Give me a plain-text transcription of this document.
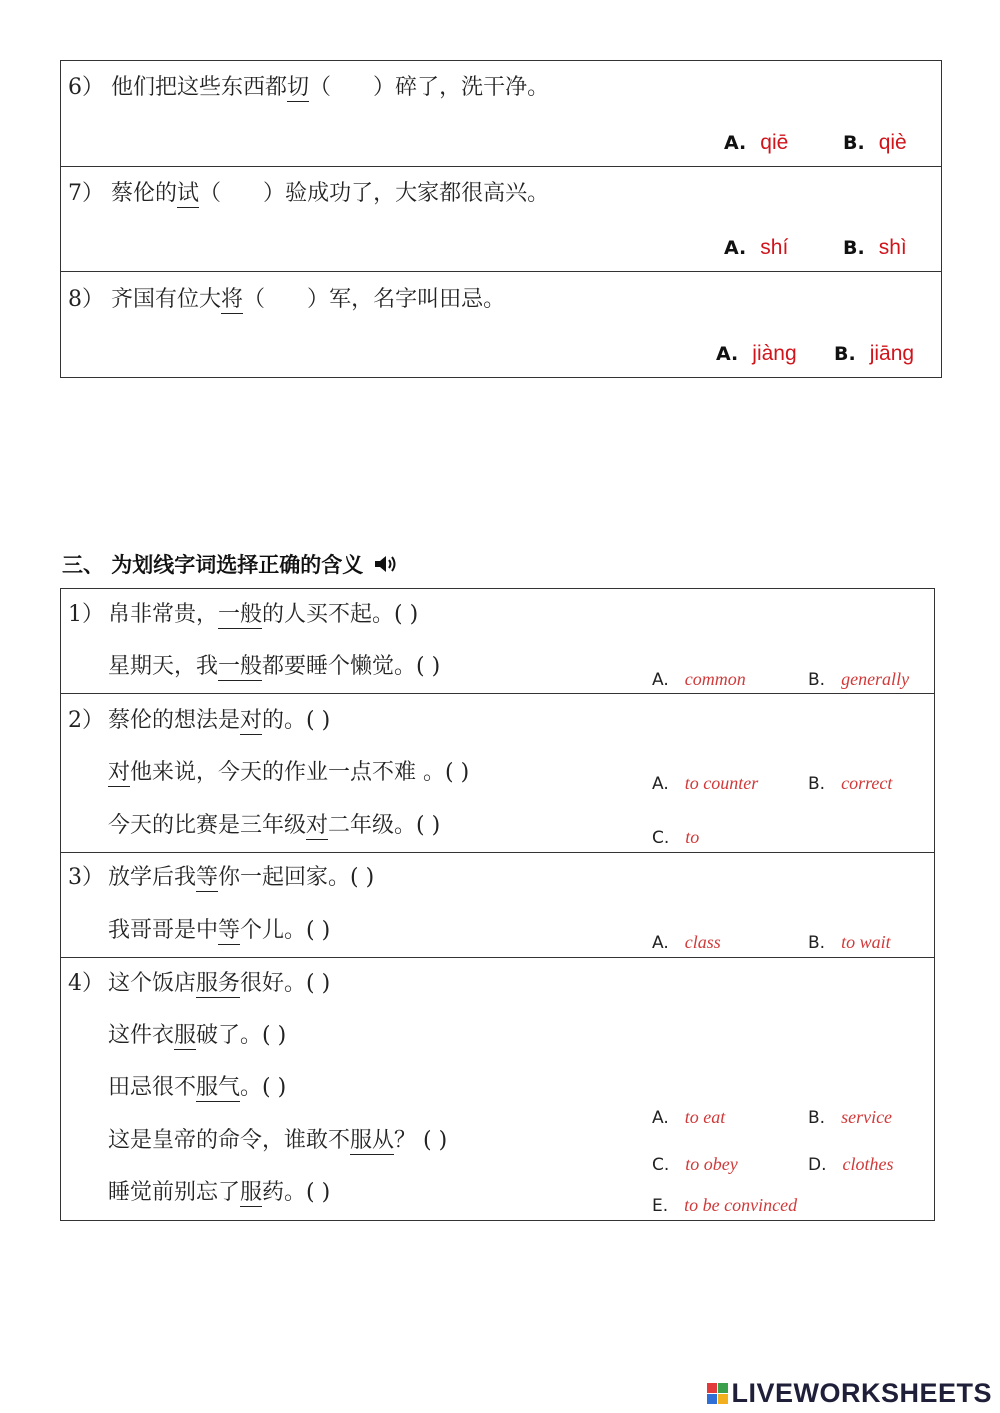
6） 他们把这些东西都切（ ）碎了，洗干净。
A. qiē	B. qiè
7） 蔡伦的试（ ）验成功了，大家都很高兴。
A. shí	B. shì
8） 齐国有位大将（ ）军，名字叫田忌。
A. jiàng B. jiāng
三、 为划线字词选择正确的含义
1） 帛非常贵，一般的人买不起。( )
星期天，我一般都要睡个懒觉。( )
A. common	B. generally
2） 蔡伦的想法是对的。( )
对他来说，今天的作业一点不难 。( )
今天的比赛是三年级对二年级。( )
A. to counter	B. correct
C. to
3） 放学后我等你一起回家。( )
我哥哥是中等个儿。( )	A. class	B. to wait
4） 这个饭店服务很好。( )
这件衣服破了。( )
田忌很不服气。( )
这是皇帝的命令，谁敢不服从？ ( )
睡觉前别忘了服药。( )
A. to eat	B. service
C. to obey	D. clothes
E. to be convinced
LIVEWORKSHEETS
